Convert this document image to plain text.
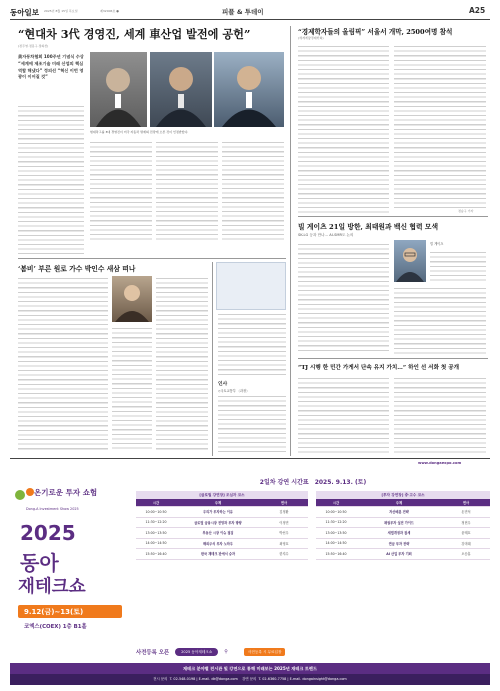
동아일보 2025년 8월 15일 목요일	제32006호 ●	피플 & 투데이	A25
“현대차 3代 경영진, 세계 車산업 발전에 공헌”
(정주영·정몽구·정의선)
美자동차협회 100주년 기념식 수상 “세계에 제조기술 미래 산업의 핵심 역할 해냈다” 정의선 “혁신 이번 영광이 이어질 것”
현대차그룹 3대 경영진이 미국 자동차 명예의 전당에 오른 것이 인정받았다.
“경제학자들의 올림픽” 서울서 개막, 2500여명 참석
(세계계량경제학회)
정승구 기자
빌 게이츠 21일 방한, 최태원과 백신 협력 모색
SK-LG 등과 만나… AI-SMR도 논의
빌 게이츠
‘봄비’ 부른 원로 가수 박인수 새삼 떠나
인사
◇국토교통부 〈과장〉
“TJ 시행 한 민간 가게서 단속 유지 가치…” 하인 선 서화 첫 공개
www.dongaexpo.com
온기로운 투자 쇼험
Dong-A Investment Show 2025
2025
동아
재테크쇼
9.12(금)~13(토)
코엑스(COEX) 1층 B1홀
2일차 강연 시간표 2025. 9.13. (토)
[글로벌 강연장] 조심자 코스
시간	주제	연사
10:00~10:50	우리가 투자하는 이유	김정환
11:30~12:20	글로벌 금융시장 전망과 투자 방향	이정민
13:00~13:50	부동산 시장 이슈 점검	박선우
14:00~14:50	해외주식 투자 노하우	최영호
15:50~16:40	한국 재테크 판에서 승자	한지수
[투자 강연장] 중·고수 코스
시간	주제	연사
10:00~10:50	자산배분 전략	손민석
11:30~12:20	채권투자 실전 가이드	정현우
13:00~13:50	세법개정과 절세	윤태호
14:00~14:50	연금 투자 전략	강미래
15:50~16:40	AI 산업 투자 기회	오승훈
사전등록 오픈	2025 동아재테크쇼	⚲	사전등록 시 무료입장
재테크 분야별 전시관 및 강연으로 통해 미래보는 2025년 재테크 트렌드
전시 문의  T. 02-548-0198 | E-mail. dk@donga.com    강연 문의  T. 02-6360-7758 | E-mail. dongainsight@donga.com
